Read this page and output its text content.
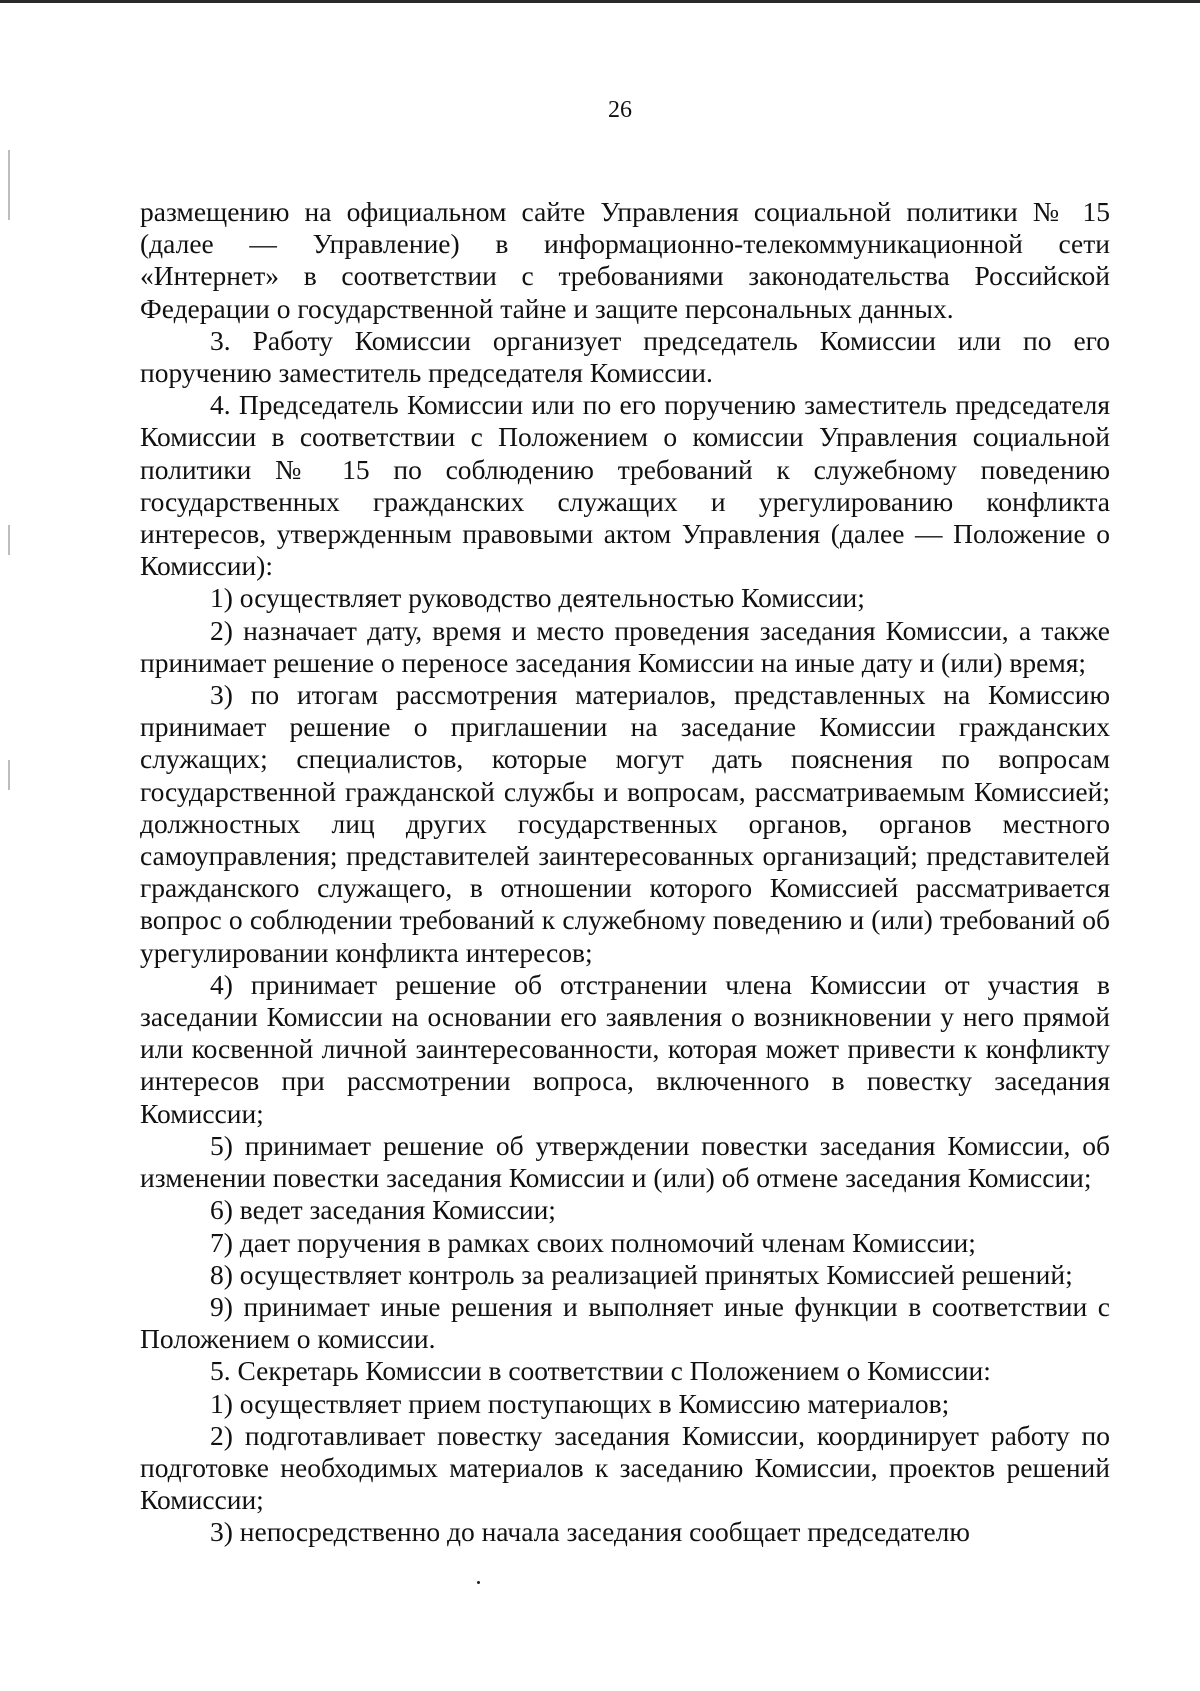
26

размещению на официальном сайте Управления социальной политики № 15 (далее — Управление) в информационно-телекоммуникационной сети «Интернет» в соответствии с требованиями законодательства Российской Федерации о государственной тайне и защите персональных данных.

3. Работу Комиссии организует председатель Комиссии или по его поручению заместитель председателя Комиссии.

4. Председатель Комиссии или по его поручению заместитель председателя Комиссии в соответствии с Положением о комиссии Управления социальной политики № 15 по соблюдению требований к служебному поведению государственных гражданских служащих и урегулированию конфликта интересов, утвержденным правовыми актом Управления (далее — Положение о Комиссии):

1) осуществляет руководство деятельностью Комиссии;

2) назначает дату, время и место проведения заседания Комиссии, а также принимает решение о переносе заседания Комиссии на иные дату и (или) время;

3) по итогам рассмотрения материалов, представленных на Комиссию принимает решение о приглашении на заседание Комиссии гражданских служащих; специалистов, которые могут дать пояснения по вопросам государственной гражданской службы и вопросам, рассматриваемым Комиссией; должностных лиц других государственных органов, органов местного самоуправления; представителей заинтересованных организаций; представителей гражданского служащего, в отношении которого Комиссией рассматривается вопрос о соблюдении требований к служебному поведению и (или) требований об урегулировании конфликта интересов;

4) принимает решение об отстранении члена Комиссии от участия в заседании Комиссии на основании его заявления о возникновении у него прямой или косвенной личной заинтересованности, которая может привести к конфликту интересов при рассмотрении вопроса, включенного в повестку заседания Комиссии;

5) принимает решение об утверждении повестки заседания Комиссии, об изменении повестки заседания Комиссии и (или) об отмене заседания Комиссии;

6) ведет заседания Комиссии;

7) дает поручения в рамках своих полномочий членам Комиссии;

8) осуществляет контроль за реализацией принятых Комиссией решений;

9) принимает иные решения и выполняет иные функции в соответствии с Положением о комиссии.

5. Секретарь Комиссии в соответствии с Положением о Комиссии:

1) осуществляет прием поступающих в Комиссию материалов;

2) подготавливает повестку заседания Комиссии, координирует работу по подготовке необходимых материалов к заседанию Комиссии, проектов решений Комиссии;

3) непосредственно до начала заседания сообщает председателю
